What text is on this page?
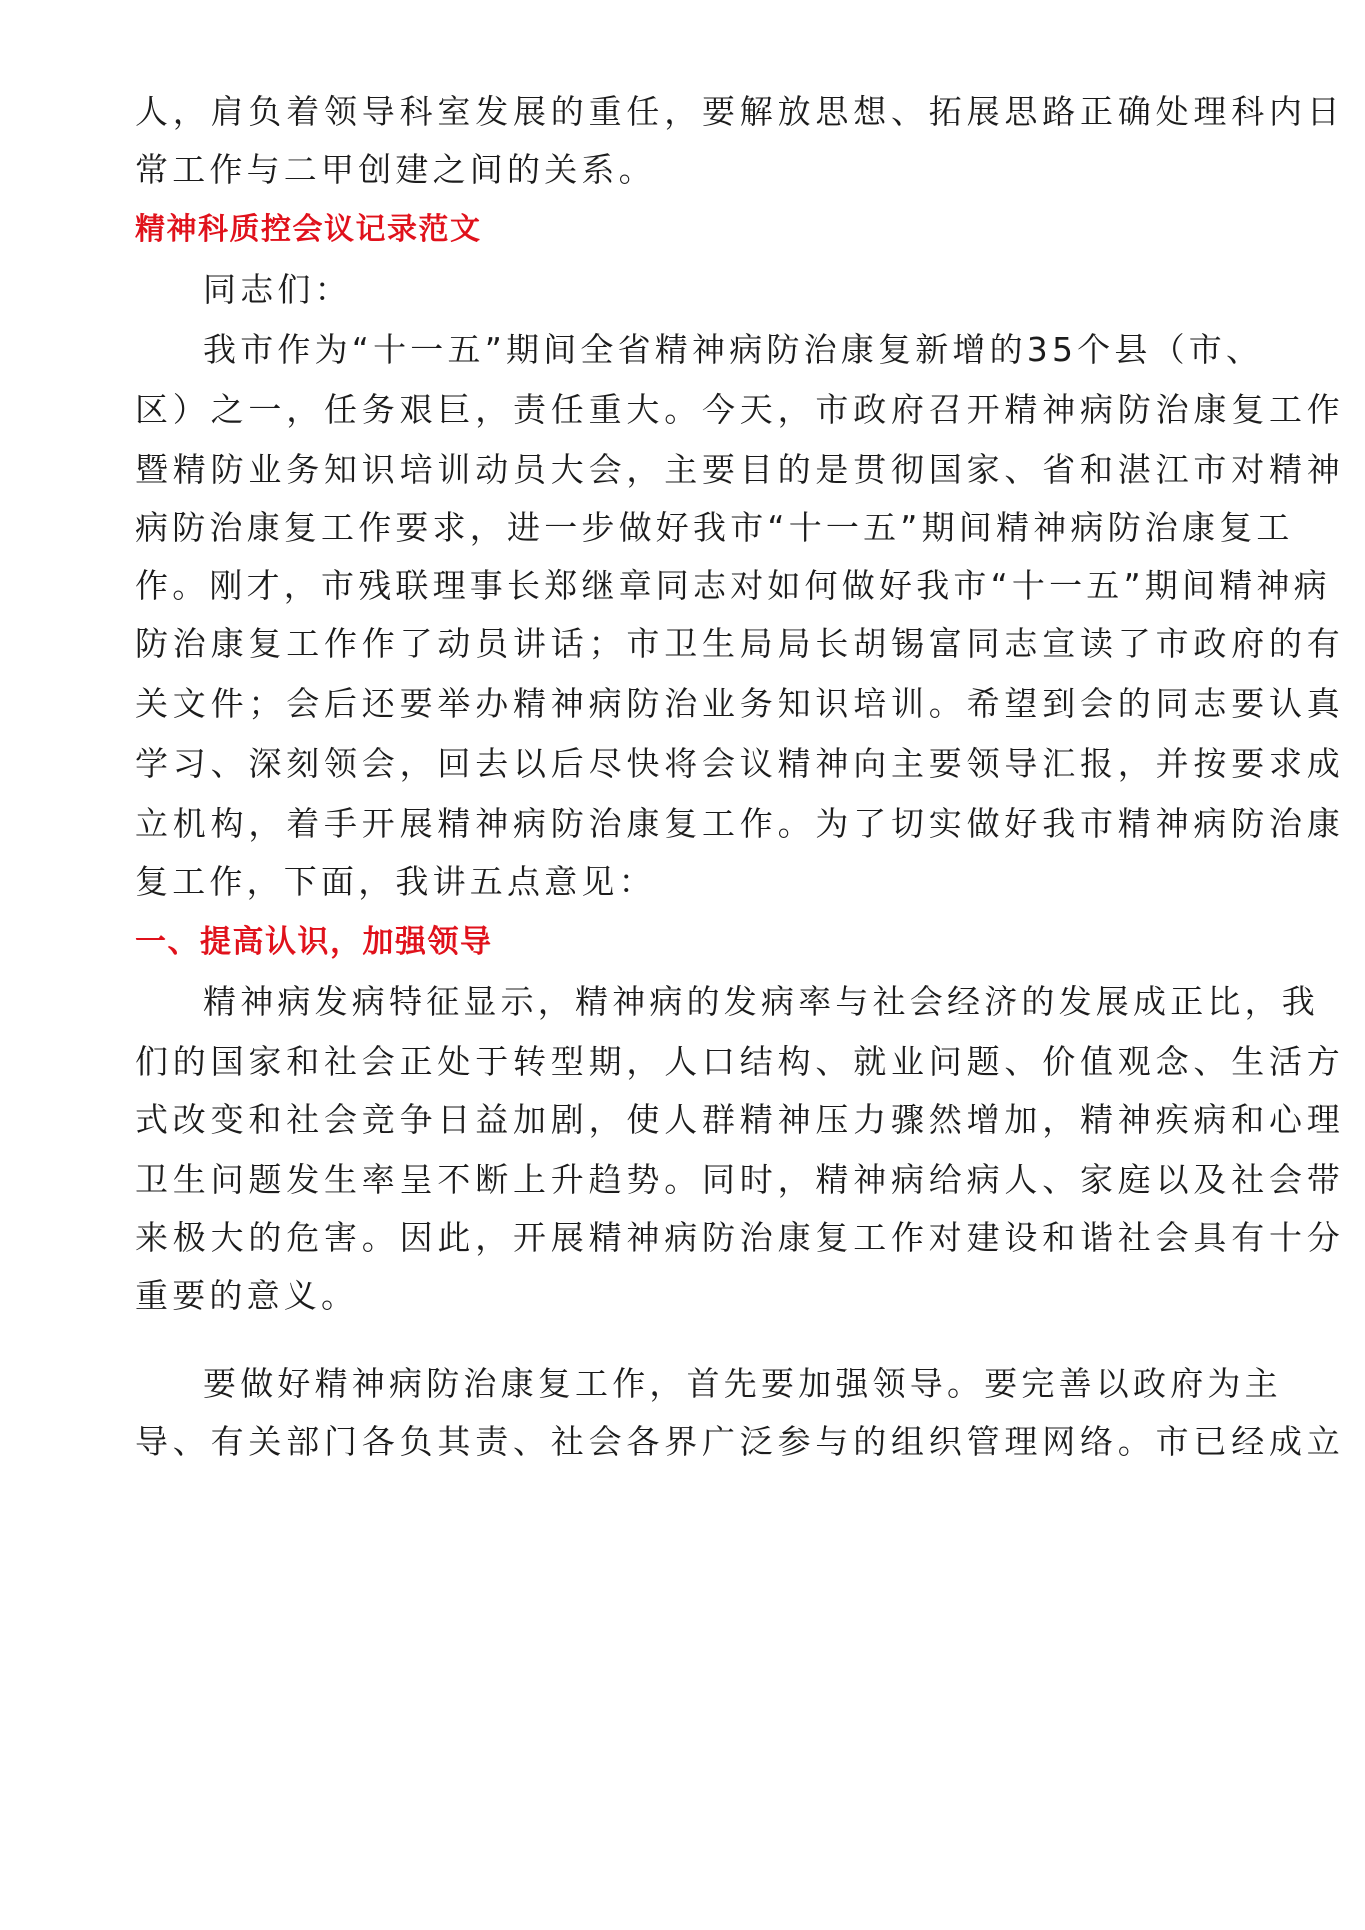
人，肩负着领导科室发展的重任，要解放思想、拓展思路正确处理科内日
常工作与二甲创建之间的关系。
精神科质控会议记录范文
同志们：
我市作为“十一五”期间全省精神病防治康复新增的35个县（市、
区）之一，任务艰巨，责任重大。今天，市政府召开精神病防治康复工作
暨精防业务知识培训动员大会，主要目的是贯彻国家、省和湛江市对精神
病防治康复工作要求，进一步做好我市“十一五”期间精神病防治康复工
作。刚才，市残联理事长郑继章同志对如何做好我市“十一五”期间精神病
防治康复工作作了动员讲话；市卫生局局长胡锡富同志宣读了市政府的有
关文件；会后还要举办精神病防治业务知识培训。希望到会的同志要认真
学习、深刻领会，回去以后尽快将会议精神向主要领导汇报，并按要求成
立机构，着手开展精神病防治康复工作。为了切实做好我市精神病防治康
复工作，下面，我讲五点意见：
一、提高认识，加强领导
精神病发病特征显示，精神病的发病率与社会经济的发展成正比，我
们的国家和社会正处于转型期，人口结构、就业问题、价值观念、生活方
式改变和社会竞争日益加剧，使人群精神压力骤然增加，精神疾病和心理
卫生问题发生率呈不断上升趋势。同时，精神病给病人、家庭以及社会带
来极大的危害。因此，开展精神病防治康复工作对建设和谐社会具有十分
重要的意义。
要做好精神病防治康复工作，首先要加强领导。要完善以政府为主
导、有关部门各负其责、社会各界广泛参与的组织管理网络。市已经成立
